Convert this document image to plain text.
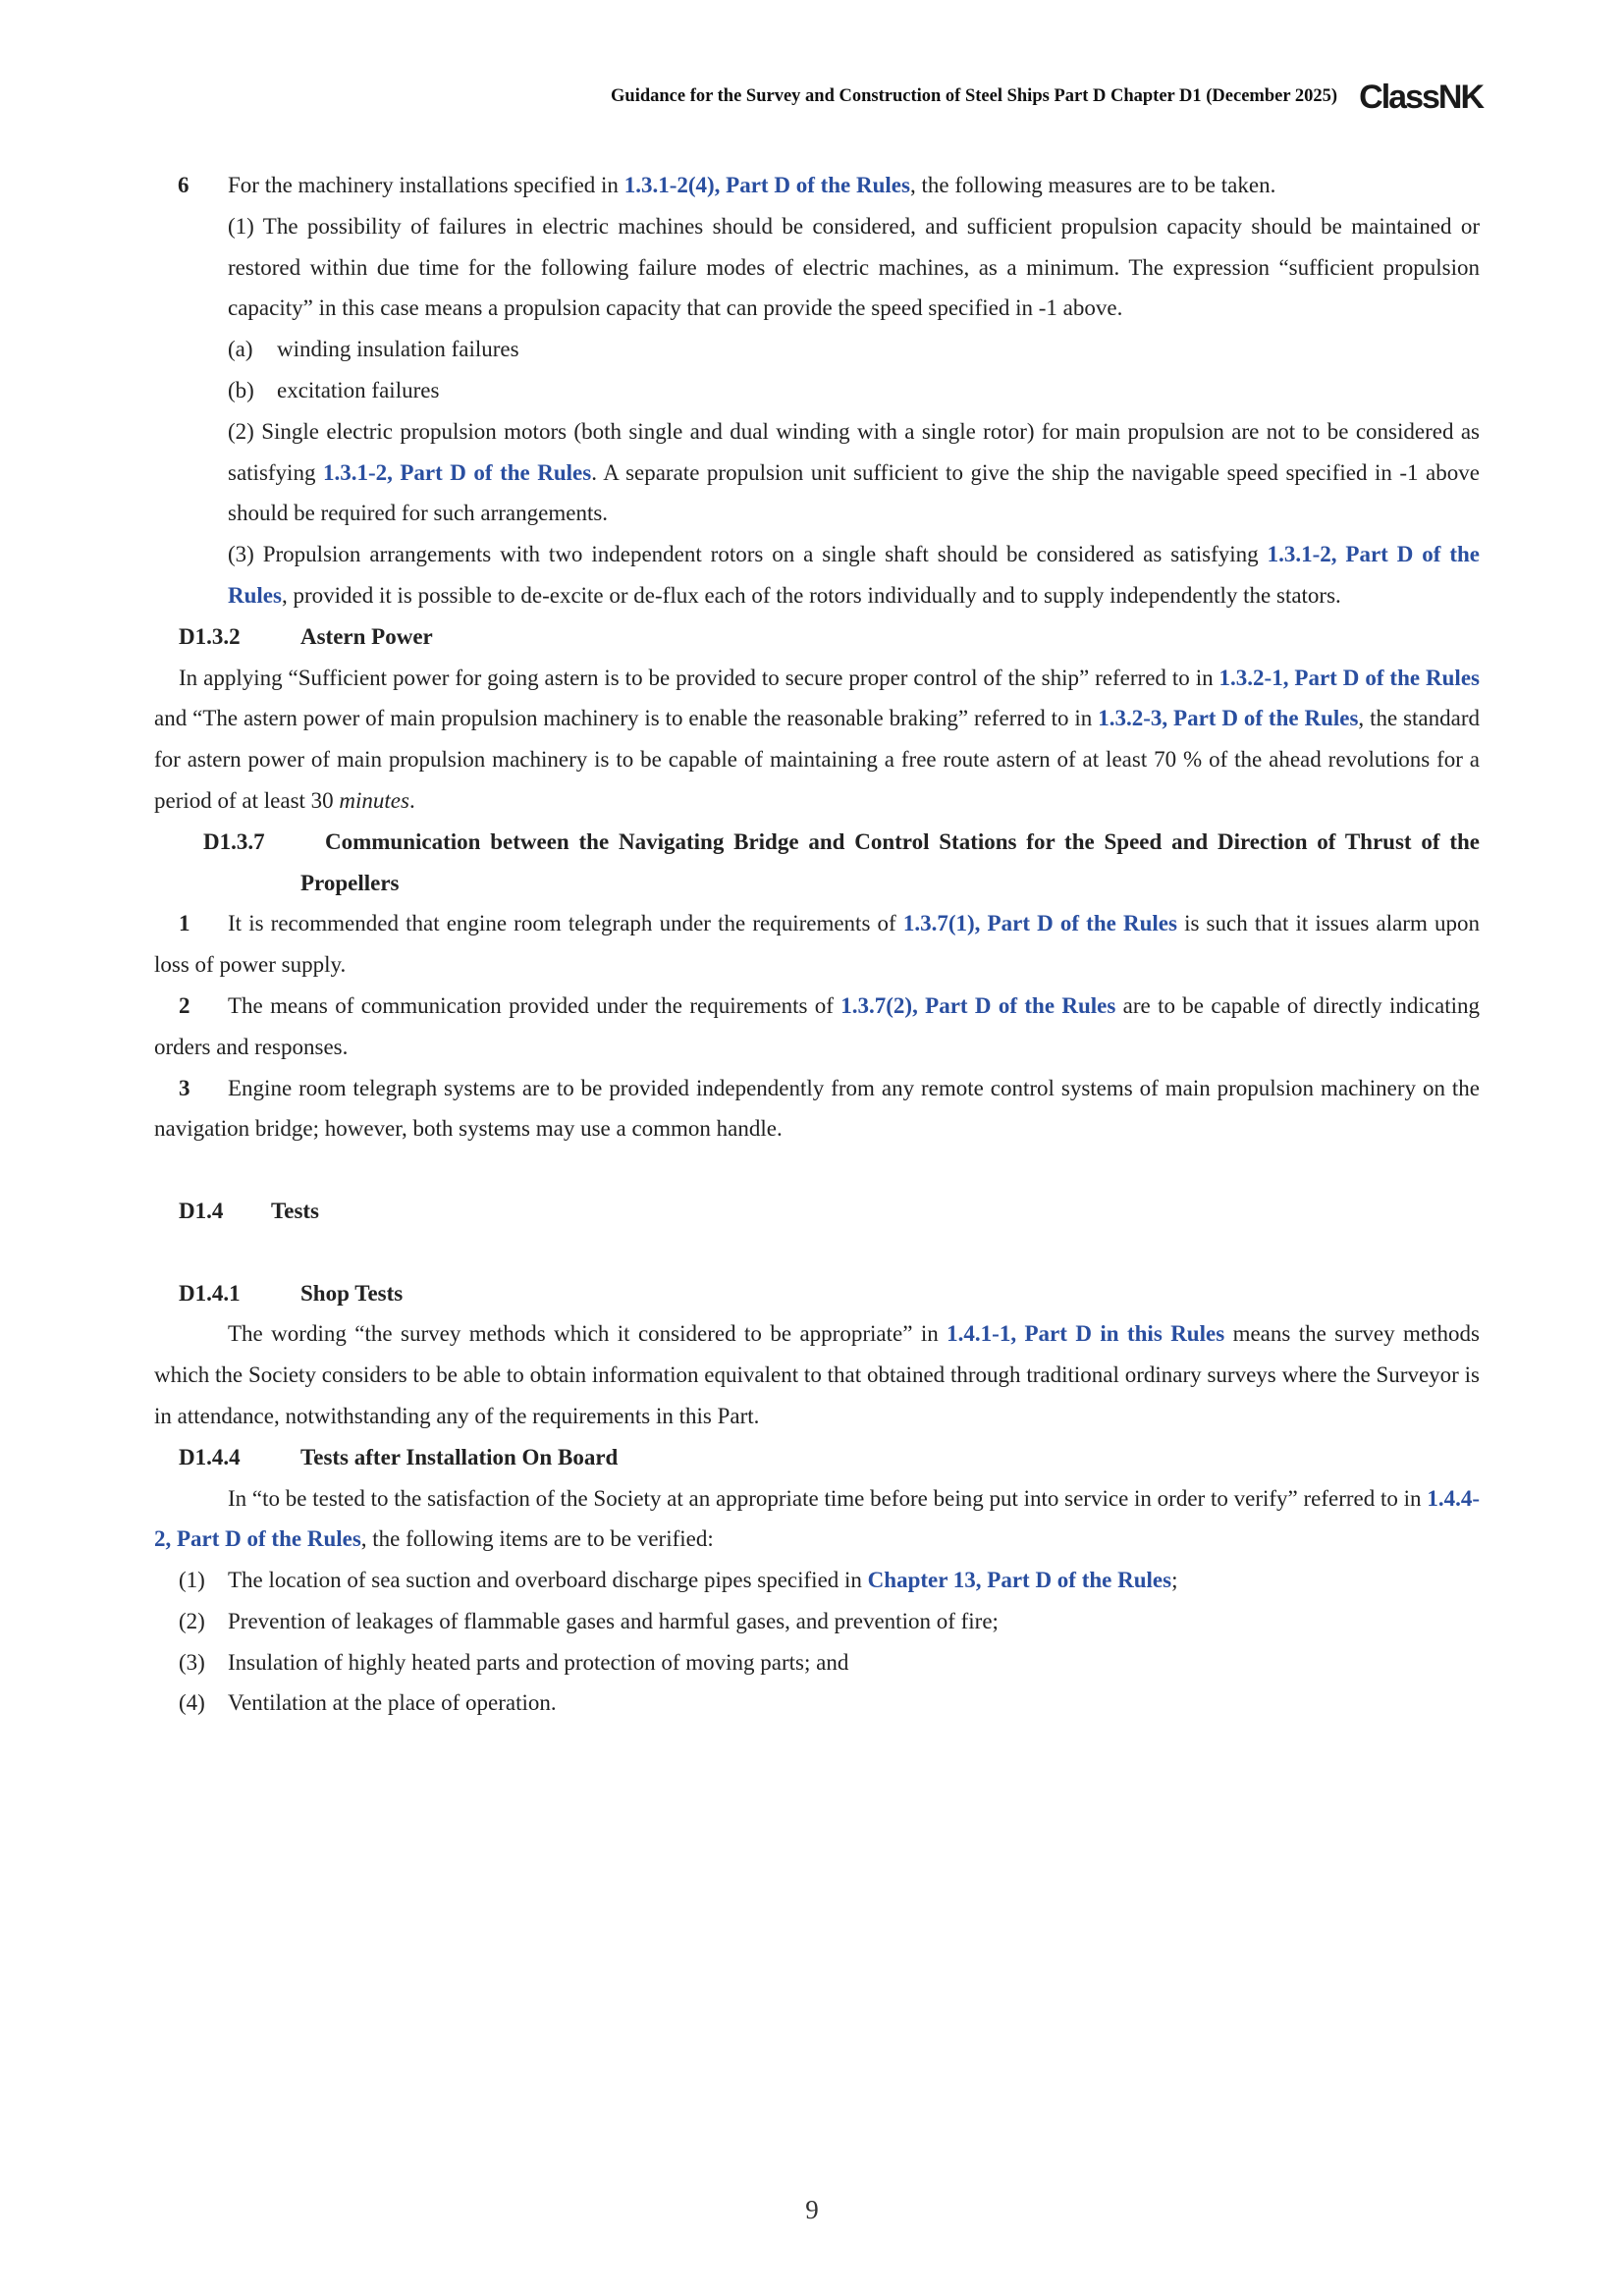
Guidance for the Survey and Construction of Steel Ships Part D Chapter D1 (December 2025) ClassNK

6 For the machinery installations specified in 1.3.1-2(4), Part D of the Rules, the following measures are to be taken.

(1) The possibility of failures in electric machines should be considered, and sufficient propulsion capacity should be maintained or restored within due time for the following failure modes of electric machines, as a minimum. The expression “sufficient propulsion capacity” in this case means a propulsion capacity that can provide the speed specified in -1 above.

(a) winding insulation failures

(b) excitation failures

(2) Single electric propulsion motors (both single and dual winding with a single rotor) for main propulsion are not to be considered as satisfying 1.3.1-2, Part D of the Rules. A separate propulsion unit sufficient to give the ship the navigable speed specified in -1 above should be required for such arrangements.

(3) Propulsion arrangements with two independent rotors on a single shaft should be considered as satisfying 1.3.1-2, Part D of the Rules, provided it is possible to de-excite or de-flux each of the rotors individually and to supply independently the stators.

D1.3.2	Astern Power

In applying “Sufficient power for going astern is to be provided to secure proper control of the ship” referred to in 1.3.2-1, Part D of the Rules and “The astern power of main propulsion machinery is to enable the reasonable braking” referred to in 1.3.2-3, Part D of the Rules, the standard for astern power of main propulsion machinery is to be capable of maintaining a free route astern of at least 70 % of the ahead revolutions for a period of at least 30 minutes.

D1.3.7	Communication between the Navigating Bridge and Control Stations for the Speed and Direction of Thrust of the Propellers

1 It is recommended that engine room telegraph under the requirements of 1.3.7(1), Part D of the Rules is such that it issues alarm upon loss of power supply.

2 The means of communication provided under the requirements of 1.3.7(2), Part D of the Rules are to be capable of directly indicating orders and responses.

3 Engine room telegraph systems are to be provided independently from any remote control systems of main propulsion machinery on the navigation bridge; however, both systems may use a common handle.

D1.4 Tests

D1.4.1	Shop Tests

The wording “the survey methods which it considered to be appropriate” in 1.4.1-1, Part D in this Rules means the survey methods which the Society considers to be able to obtain information equivalent to that obtained through traditional ordinary surveys where the Surveyor is in attendance, notwithstanding any of the requirements in this Part.

D1.4.4	Tests after Installation On Board

In “to be tested to the satisfaction of the Society at an appropriate time before being put into service in order to verify” referred to in 1.4.4-2, Part D of the Rules, the following items are to be verified:

(1) The location of sea suction and overboard discharge pipes specified in Chapter 13, Part D of the Rules;

(2) Prevention of leakages of flammable gases and harmful gases, and prevention of fire;

(3) Insulation of highly heated parts and protection of moving parts; and

(4) Ventilation at the place of operation.

9
